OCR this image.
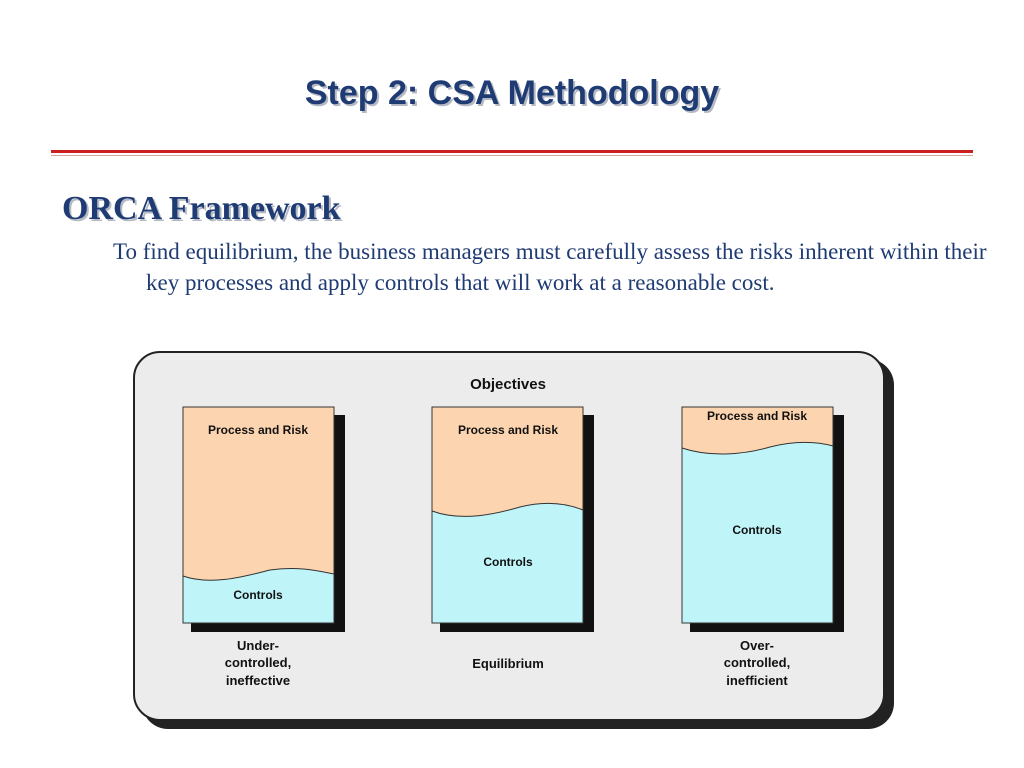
Step 2: CSA Methodology
ORCA Framework
To find equilibrium, the business managers must carefully assess the risks inherent within their key processes and apply controls that will work at a reasonable cost.
Objectives
Process and Risk
Controls
Under-
controlled,
ineffective
Process and Risk
Controls
Equilibrium
Process and Risk
Controls
Over-
controlled,
inefficient
